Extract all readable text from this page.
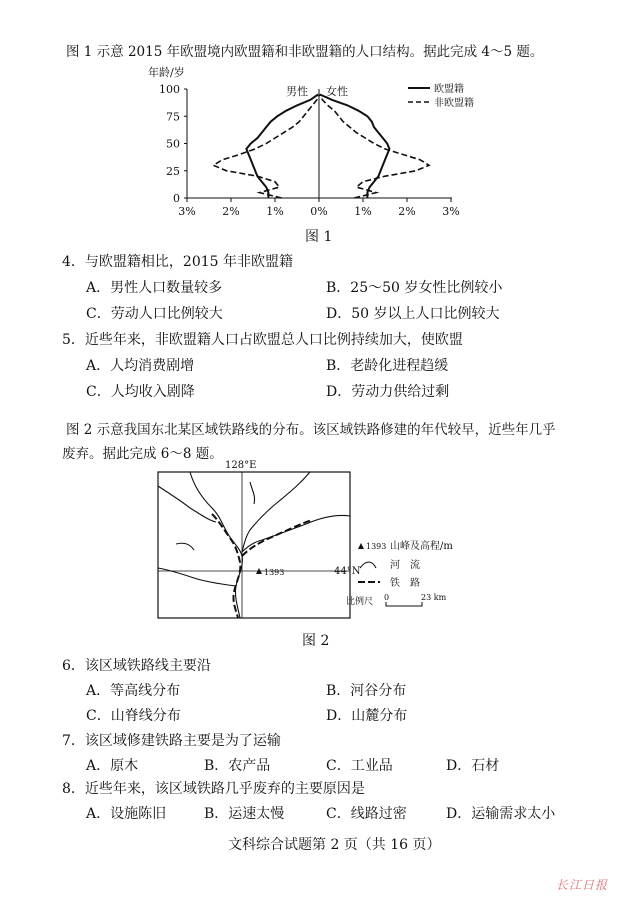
图 1 示意 2015 年欧盟境内欧盟籍和非欧盟籍的人口结构。据此完成 4～5 题。
年龄/岁
100
75
50
25
0
3% 2% 1% 0% 1% 2% 3%
男性 女性	欧盟籍
非欧盟籍
图 1
4．与欧盟籍相比，2015 年非欧盟籍
A．男性人口数量较多	B．25～50 岁女性比例较小
C．劳动人口比例较大	D．50 岁以上人口比例较大
5．近些年来，非欧盟籍人口占欧盟总人口比例持续加大，使欧盟
A．人均消费剧增	B．老龄化进程趋缓
C．人均收入剧降	D．劳动力供给过剩
图 2 示意我国东北某区域铁路线的分布。该区域铁路修建的年代较早，近些年几乎
废弃。据此完成 6～8 题。
128°E
44°N
1393
1393 山峰及高程/m
河　流
铁　路
比例尺 0	23 km
图 2
6．该区域铁路线主要沿
A．等高线分布	B．河谷分布
C．山脊线分布	D．山麓分布
7．该区域修建铁路主要是为了运输
A．原木	B．农产品	C．工业品	D．石材
8．近些年来，该区域铁路几乎废弃的主要原因是
A．设施陈旧	B．运速太慢	C．线路过密	D．运输需求太小
文科综合试题第 2 页（共 16 页）
长江日报
